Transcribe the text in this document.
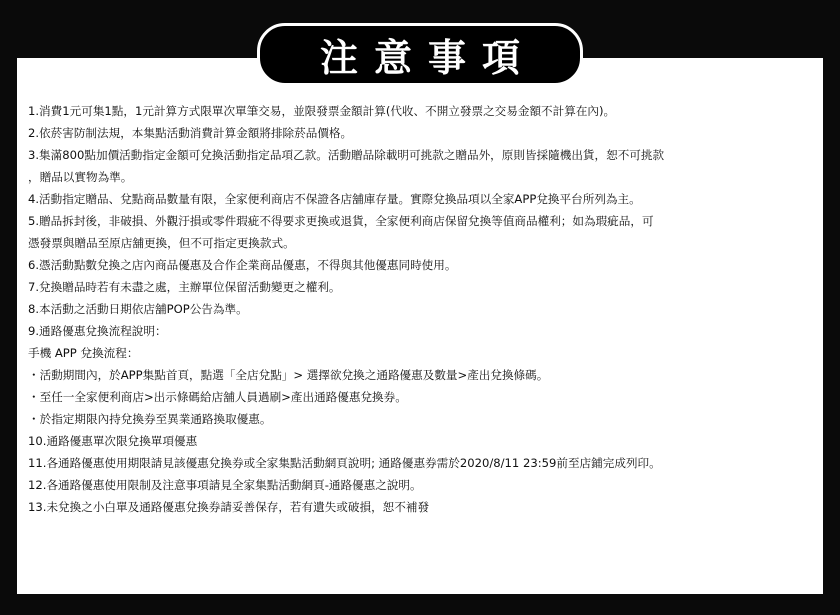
注意事項
1.消費1元可集1點，1元計算方式限單次單筆交易，並限發票金額計算(代收、不開立發票之交易金額不計算在內)。
2.依菸害防制法規，本集點活動消費計算金額將排除菸品價格。
3.集滿800點加價活動指定金額可兌換活動指定品項乙款。活動贈品除載明可挑款之贈品外，原則皆採隨機出貨，恕不可挑款
，贈品以實物為準。
4.活動指定贈品、兌點商品數量有限，全家便利商店不保證各店舖庫存量。實際兌換品項以全家APP兌換平台所列為主。
5.贈品拆封後，非破損、外觀汙損或零件瑕疵不得要求更換或退貨，全家便利商店保留兌換等值商品權利；如為瑕疵品，可
憑發票與贈品至原店舖更換，但不可指定更換款式。
6.憑活動點數兌換之店內商品優惠及合作企業商品優惠，不得與其他優惠同時使用。
7.兌換贈品時若有未盡之處，主辦單位保留活動變更之權利。
8.本活動之活動日期依店舖POP公告為準。
9.通路優惠兌換流程說明：
手機 APP 兌換流程：
・活動期間內，於APP集點首頁，點選「全店兌點」> 選擇欲兌換之通路優惠及數量>產出兌換條碼。
・至任一全家便利商店>出示條碼給店舖人員過刷>產出通路優惠兌換券。
・於指定期限內持兌換券至異業通路換取優惠。
10.通路優惠單次限兌換單項優惠
11.各通路優惠使用期限請見該優惠兌換券或全家集點活動網頁說明; 通路優惠券需於2020/8/11 23:59前至店鋪完成列印。
12.各通路優惠使用限制及注意事項請見全家集點活動網頁-通路優惠之說明。
13.未兌換之小白單及通路優惠兌換券請妥善保存，若有遺失或破損，恕不補發
